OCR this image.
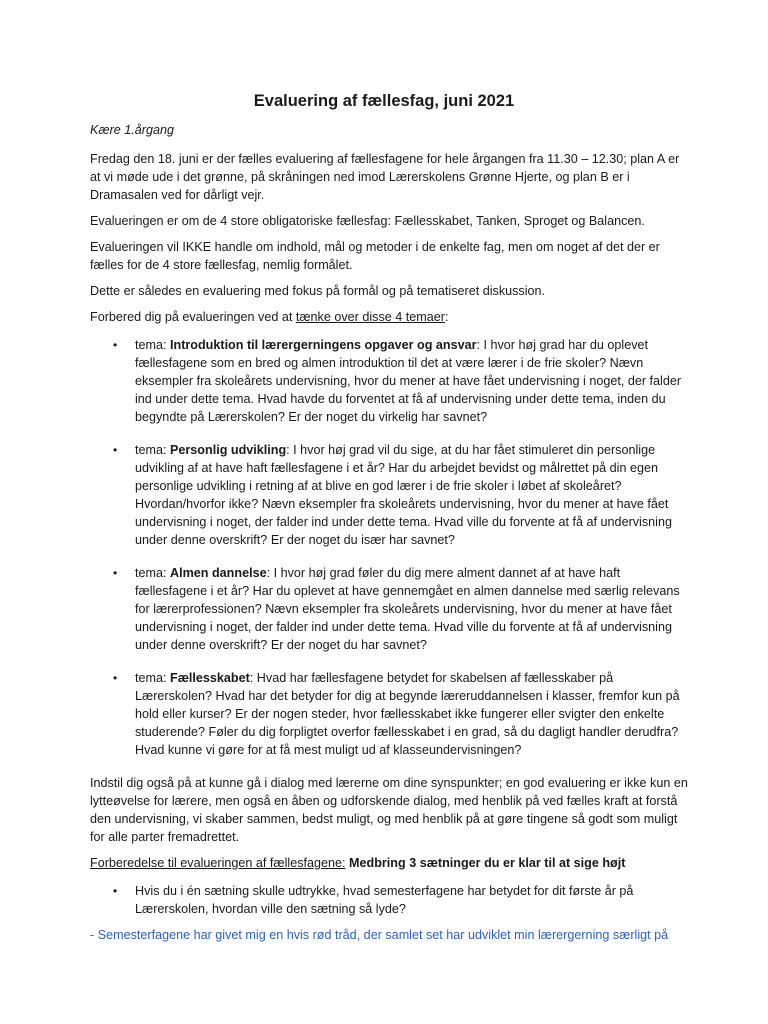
Evaluering af fællesfag, juni 2021

Kære 1.årgang

Fredag den 18. juni er der fælles evaluering af fællesfagene for hele årgangen fra 11.30 – 12.30; plan A er at vi møde ude i det grønne, på skråningen ned imod Lærerskolens Grønne Hjerte, og plan B er i Dramasalen ved for dårligt vejr.

Evalueringen er om de 4 store obligatoriske fællesfag: Fællesskabet, Tanken, Sproget og Balancen.

Evalueringen vil IKKE handle om indhold, mål og metoder i de enkelte fag, men om noget af det der er fælles for de 4 store fællesfag, nemlig formålet.

Dette er således en evaluering med fokus på formål og på tematiseret diskussion.

Forbered dig på evalueringen ved at tænke over disse 4 temaer:

• tema: Introduktion til lærergerningens opgaver og ansvar: I hvor høj grad har du oplevet fællesfagene som en bred og almen introduktion til det at være lærer i de frie skoler? Nævn eksempler fra skoleårets undervisning, hvor du mener at have fået undervisning i noget, der falder ind under dette tema. Hvad havde du forventet at få af undervisning under dette tema, inden du begyndte på Lærerskolen? Er der noget du virkelig har savnet?
• tema: Personlig udvikling: I hvor høj grad vil du sige, at du har fået stimuleret din personlige udvikling af at have haft fællesfagene i et år? Har du arbejdet bevidst og målrettet på din egen personlige udvikling i retning af at blive en god lærer i de frie skoler i løbet af skoleåret? Hvordan/hvorfor ikke? Nævn eksempler fra skoleårets undervisning, hvor du mener at have fået undervisning i noget, der falder ind under dette tema. Hvad ville du forvente at få af undervisning under denne overskrift? Er der noget du især har savnet?
• tema: Almen dannelse: I hvor høj grad føler du dig mere alment dannet af at have haft fællesfagene i et år? Har du oplevet at have gennemgået en almen dannelse med særlig relevans for lærerprofessionen? Nævn eksempler fra skoleårets undervisning, hvor du mener at have fået undervisning i noget, der falder ind under dette tema. Hvad ville du forvente at få af undervisning under denne overskrift? Er der noget du har savnet?
• tema: Fællesskabet: Hvad har fællesfagene betydet for skabelsen af fællesskaber på Lærerskolen? Hvad har det betyder for dig at begynde læreruddannelsen i klasser, fremfor kun på hold eller kurser? Er der nogen steder, hvor fællesskabet ikke fungerer eller svigter den enkelte studerende? Føler du dig forpligtet overfor fællesskabet i en grad, så du dagligt handler derudfra? Hvad kunne vi gøre for at få mest muligt ud af klasseundervisningen?

Indstil dig også på at kunne gå i dialog med lærerne om dine synspunkter; en god evaluering er ikke kun en lytteøvelse for lærere, men også en åben og udforskende dialog, med henblik på ved fælles kraft at forstå den undervisning, vi skaber sammen, bedst muligt, og med henblik på at gøre tingene så godt som muligt for alle parter fremadrettet.

Forberedelse til evalueringen af fællesfagene: Medbring 3 sætninger du er klar til at sige højt

• Hvis du i én sætning skulle udtrykke, hvad semesterfagene har betydet for dit første år på Lærerskolen, hvordan ville den sætning så lyde?

- Semesterfagene har givet mig en hvis rød tråd, der samlet set har udviklet min lærergerning særligt på
